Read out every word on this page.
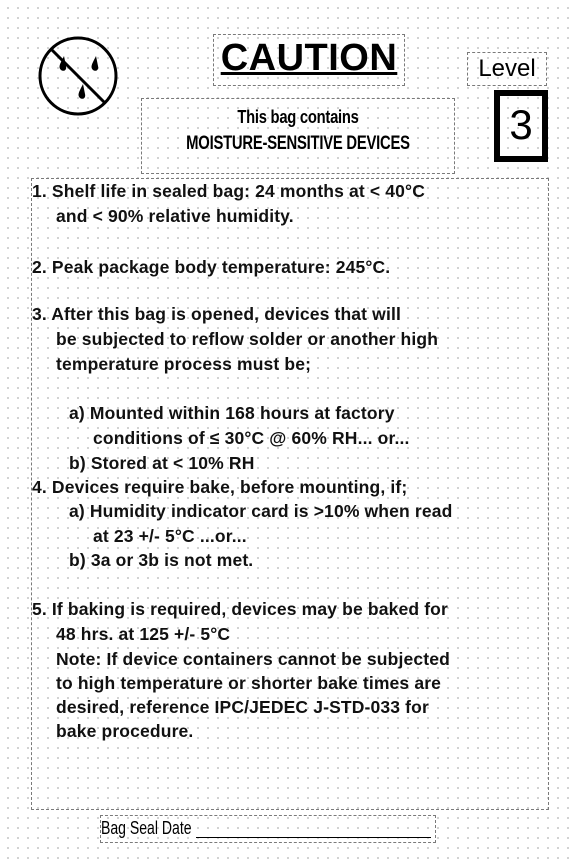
CAUTION
This bag contains
MOISTURE-SENSITIVE DEVICES
Level
3
1. Shelf life in sealed bag: 24 months at < 40°C
and < 90% relative humidity.
2. Peak package body temperature: 245°C.
3. After this bag is opened, devices that will
be subjected to reflow solder or another high
temperature process must be;
a) Mounted within 168 hours at factory
conditions of ≤ 30°C @ 60% RH... or...
b) Stored at < 10% RH
4. Devices require bake, before mounting, if;
a) Humidity indicator card is >10% when read
at 23 +/- 5°C ...or...
b) 3a or 3b is not met.
5. If baking is required, devices may be baked for
48 hrs. at 125 +/- 5°C
Note: If device containers cannot be subjected
to high temperature or shorter bake times are
desired, reference IPC/JEDEC J-STD-033 for
bake procedure.
Bag Seal Date
